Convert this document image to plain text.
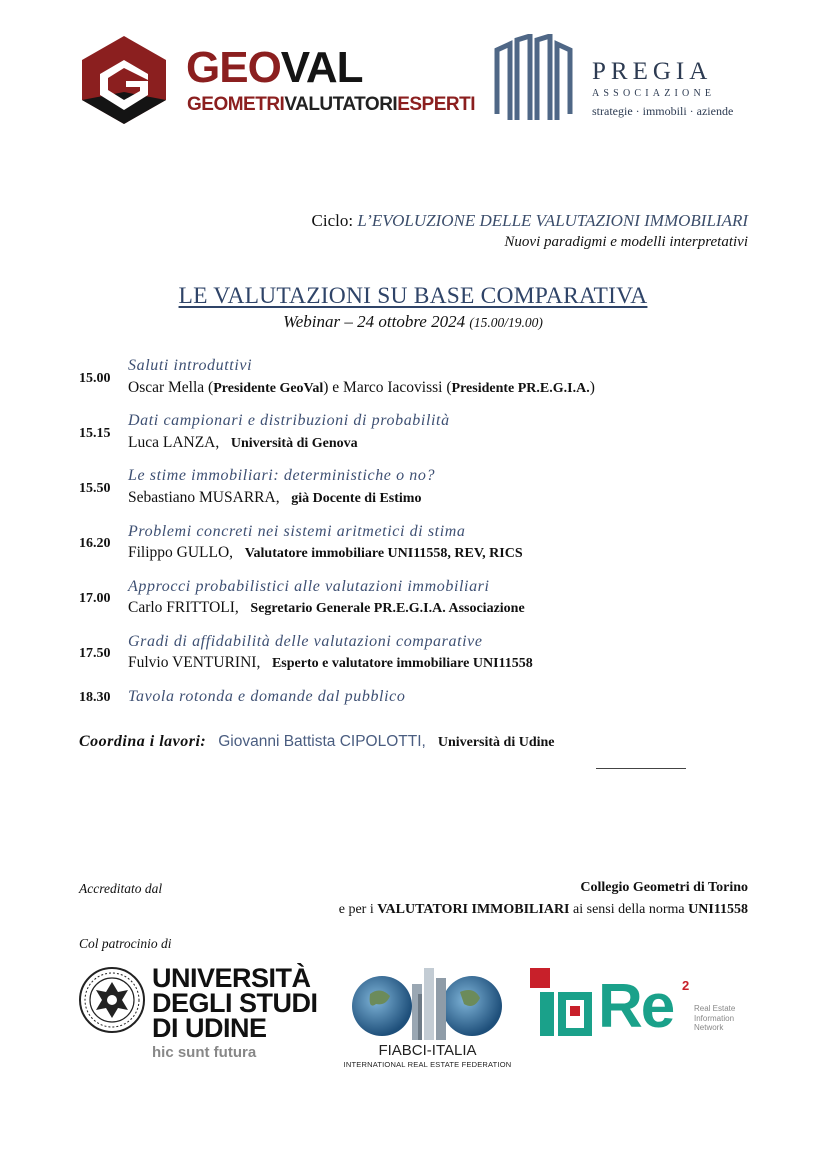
GEOVAL
GEOMETRIVALUTATORIESPERTI
PREGIA
ASSOCIAZIONE
strategie · immobili · aziende
Ciclo: L’EVOLUZIONE DELLE VALUTAZIONI IMMOBILIARI
Nuovi paradigmi e modelli interpretativi
LE VALUTAZIONI SU BASE COMPARATIVA
Webinar – 24 ottobre 2024 (15.00/19.00)
Saluti introduttivi
15.00
Oscar Mella (Presidente GeoVal) e Marco Iacovissi (Presidente PR.E.G.I.A.)
Dati campionari e distribuzioni di probabilità
15.15
Luca LANZA, Università di Genova
Le stime immobiliari: deterministiche o no?
15.50
Sebastiano MUSARRA, già Docente di Estimo
Problemi concreti nei sistemi aritmetici di stima
16.20
Filippo GULLO, Valutatore immobiliare UNI11558, REV, RICS
Approcci probabilistici alle valutazioni immobiliari
17.00
Carlo FRITTOLI, Segretario Generale PR.E.G.I.A. Associazione
Gradi di affidabilità delle valutazioni comparative
17.50
Fulvio VENTURINI, Esperto e valutatore immobiliare UNI11558
18.30 Tavola rotonda e domande dal pubblico
Coordina i lavori: Giovanni Battista CIPOLOTTI, Università di Udine
Accreditato dal	Collegio Geometri di Torino
e per i VALUTATORI IMMOBILIARI ai sensi della norma UNI11558
Col patrocinio di
UNIVERSITÀ
DEGLI STUDI
DI UDINE
hic sunt futura	FIABCI-ITALIA
INTERNATIONAL REAL ESTATE FEDERATION
Re 2
Real Estate
Information
Network
